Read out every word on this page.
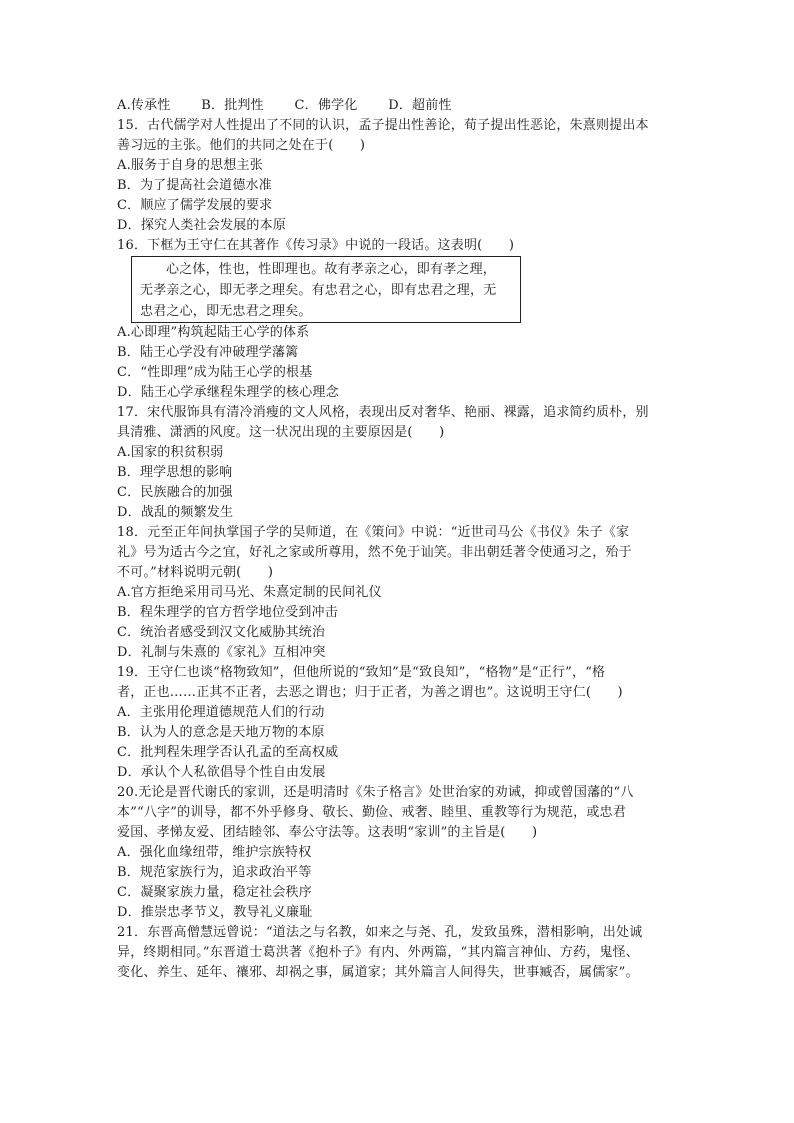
A.传承性　　 B．批判性　　 C．佛学化　　 D．超前性
15．古代儒学对人性提出了不同的认识，孟子提出性善论，荀子提出性恶论，朱熹则提出本
善习远的主张。他们的共同之处在于(　　)
A.服务于自身的思想主张
B．为了提高社会道德水准
C．顺应了儒学发展的要求
D．探究人类社会发展的本原
16．下框为王守仁在其著作《传习录》中说的一段话。这表明(　　)
心之体，性也，性即理也。故有孝亲之心，即有孝之理，
无孝亲之心，即无孝之理矣。有忠君之心，即有忠君之理，无
忠君之心，即无忠君之理矣。
A.心即理”构筑起陆王心学的体系
B．陆王心学没有冲破理学藩篱
C．“性即理”成为陆王心学的根基
D．陆王心学承继程朱理学的核心理念
17．宋代服饰具有清冷消瘦的文人风格，表现出反对奢华、艳丽、裸露，追求简约质朴，别
具清雅、潇洒的风度。这一状况出现的主要原因是(　　)
A.国家的积贫积弱
B．理学思想的影响
C．民族融合的加强
D．战乱的频繁发生
18．元至正年间执掌国子学的吴师道，在《策问》中说：“近世司马公《书仪》朱子《家
礼》号为适古今之宜，好礼之家或所尊用，然不免于讪笑。非出朝廷著令使通习之，殆于
不可。”材料说明元朝(　　)
A.官方拒绝采用司马光、朱熹定制的民间礼仪
B．程朱理学的官方哲学地位受到冲击
C．统治者感受到汉文化威胁其统治
D．礼制与朱熹的《家礼》互相冲突
19．王守仁也谈“格物致知”，但他所说的“致知”是“致良知”，“格物”是“正行”，“格
者，正也……正其不正者，去恶之谓也；归于正者，为善之谓也”。这说明王守仁(　　)
A．主张用伦理道德规范人们的行动
B．认为人的意念是天地万物的本原
C．批判程朱理学否认孔孟的至高权威
D．承认个人私欲倡导个性自由发展
20.无论是晋代谢氏的家训，还是明清时《朱子格言》处世治家的劝诫，抑或曾国藩的“八
本”“八字”的训导，都不外乎修身、敬长、勤俭、戒奢、睦里、重教等行为规范，或忠君
爱国、孝悌友爱、团结睦邻、奉公守法等。这表明“家训”的主旨是(　　)
A．强化血缘纽带，维护宗族特权
B．规范家族行为，追求政治平等
C．凝聚家族力量，稳定社会秩序
D．推崇忠孝节义，教导礼义廉耻
21．东晋高僧慧远曾说：“道法之与名教，如来之与尧、孔，发致虽殊，潜相影响，出处诚
异，终期相同。”东晋道士葛洪著《抱朴子》有内、外两篇，“其内篇言神仙、方药，鬼怪、
变化、养生、延年、禳邪、却祸之事，属道家；其外篇言人间得失，世事臧否，属儒家”。
